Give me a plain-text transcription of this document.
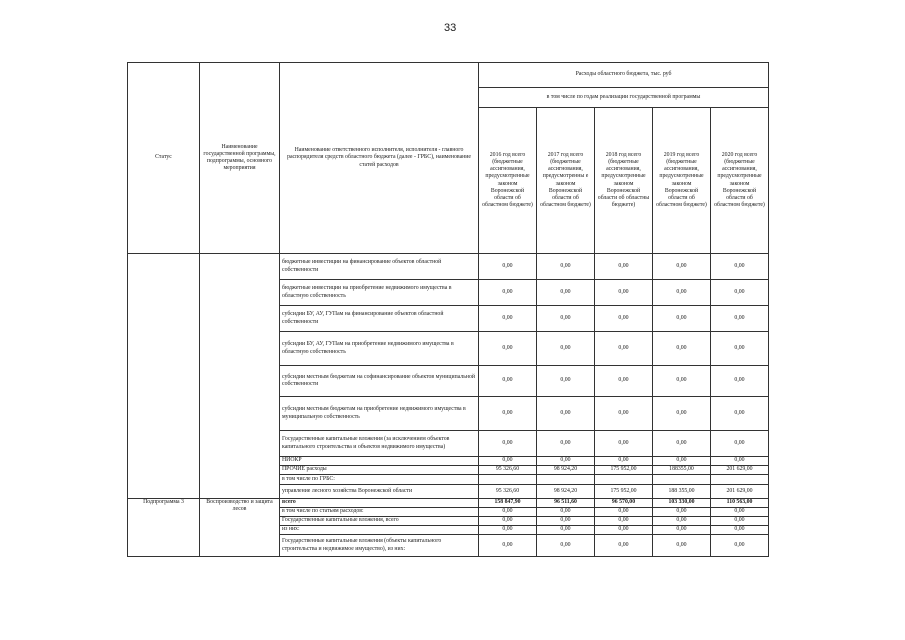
33
Статус	Наименование государственной программы, подпрограммы, основного мероприятия	Наименование ответственного исполнителя, исполнителя - главного распорядителя средств областного бюджета (далее - ГРБС), наименование статей расходов	Расходы областного бюджета, тыс. руб				
			в том числе по годам реализации государственной программы				
			2016 год всего (бюджетные ассигнования, предусмотренные законом Воронежской области об областном бюджете)	2017 год всего (бюджетные ассигнования, предусмотренны е законом Воронежской области об областном бюджете)	2018 год всего (бюджетные ассигнования, предусмотренные законом Воронежской области об областны бюджете)	2019 год всего (бюджетные ассигнования, предусмотренные законом Воронежской области об областном бюджете)	2020 год всего (бюджетные ассигнования, предусмотренные законом Воронежской области об областном бюджете)
		бюджетные инвестиции на финансирование объектов областной собственности	0,00	0,00	0,00	0,00	0,00
		бюджетные инвестиции на приобретение недвижимого имущества в областную собственность	0,00	0,00	0,00	0,00	0,00
		субсидии БУ, АУ, ГУПам на финансирование объектов областной собственности	0,00	0,00	0,00	0,00	0,00
		субсидии БУ, АУ, ГУПам на приобретение недвижимого имущества в областную собственность	0,00	0,00	0,00	0,00	0,00
		субсидии местным бюджетам на софинансирование объектов муниципальной собственности	0,00	0,00	0,00	0,00	0,00
		субсидии местным бюджетам на приобретение недвижимого имущества в муниципальную собственность	0,00	0,00	0,00	0,00	0,00
		Государственные капитальные вложения (за исключением объектов капитального строительства и объектов недвижимого имущества)	0,00	0,00	0,00	0,00	0,00
		НИОКР	0,00	0,00	0,00	0,00	0,00
		ПРОЧИЕ расходы	95 326,60	98 924,20	175 952,00	188355,00	201 629,00
		в том числе по ГРБС:					
		управление лесного хозяйства Воронежской области	95 326,60	98 924,20	175 952,00	188 355,00	201 629,00
Подпрограмма 3	Воспроизводство и защита лесов	всего	158 847,90	96 511,60	96 570,00	103 330,00	110 563,00
		в том числе по статьям расходов:	0,00	0,00	0,00	0,00	0,00
		Государственные капитальные вложения, всего	0,00	0,00	0,00	0,00	0,00
		из них:	0,00	0,00	0,00	0,00	0,00
		Государственные капитальные вложения (объекты капитального строительства и недвижимое имущество), из них:	0,00	0,00	0,00	0,00	0,00
